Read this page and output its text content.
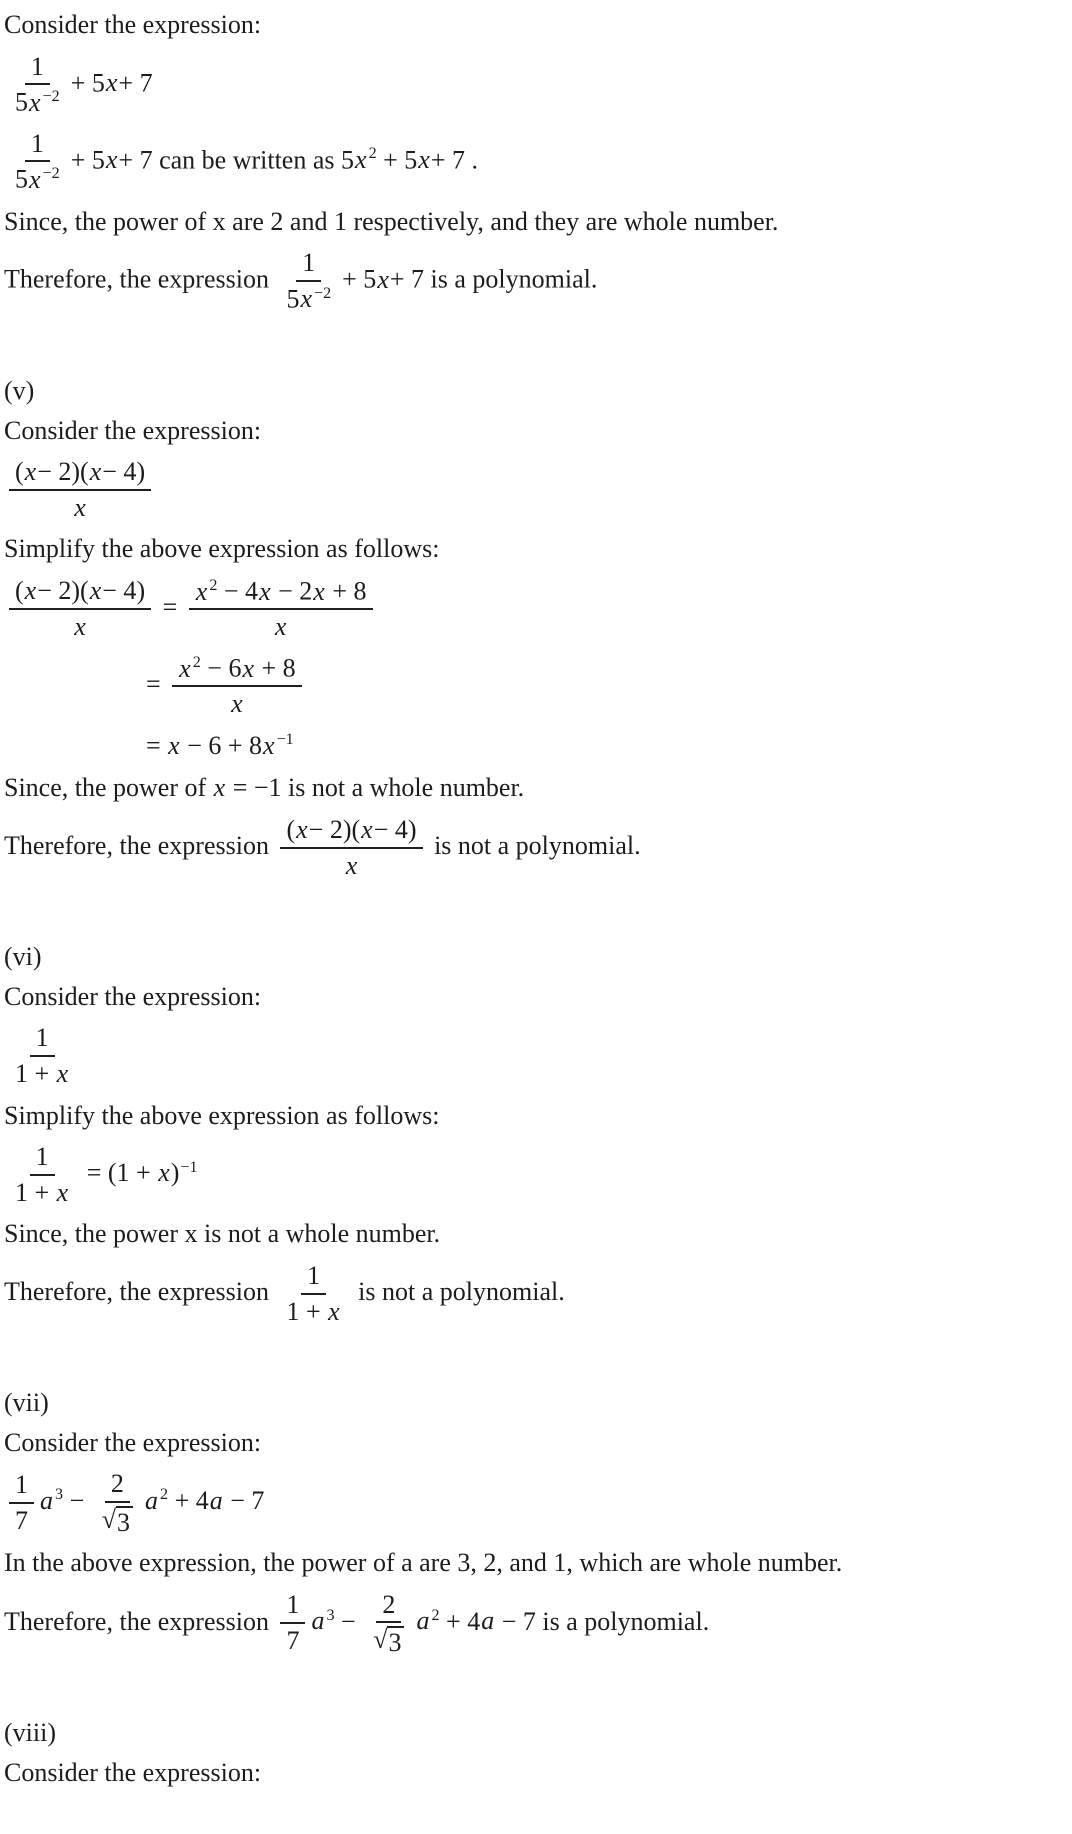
Consider the expression:
$\frac{1}{5x ^{-2}} + 5x+ 7$
$\frac{1}{5x ^{-2}} + 5x+ 7$ can be written as 5x $^2$ + 5x+ 7 .
Since, the power of x are 2 and 1 respectively, and they are whole number.
Therefore, the expression $\frac{1}{5x ^{-2}} + 5x+ 7$ is a polynomial.
(v)
Consider the expression:
$\frac{(x- 2)(x- 4)}{x}$
Simplify the above expression as follows:
$\frac{(x- 2)(x- 4)}{x} = \frac{x ^2 - 4x - 2x + 8}{x}$
= $\frac{x ^2 - 6x + 8}{x}$
= x − 6 + 8x $^{-1}$
Since, the power of x = −1 is not a whole number.
Therefore, the expression $\frac{(x- 2)(x- 4)}{x}$ is not a polynomial.
(vi)
Consider the expression:
$\frac{1}{1 + x}$
Simplify the above expression as follows:
$\frac{1}{1 + x} = (1 + x)^{-1}$
Since, the power x is not a whole number.
Therefore, the expression $\frac{1}{1 + x}$ is not a polynomial.
(vii)
Consider the expression:
$\frac{1}{7}$ a $^3 - \frac{2}{√ 3}$ a $^2$ + 4a − 7
In the above expression, the power of a are 3, 2, and 1, which are whole number.
Therefore, the expression $\frac{1}{7}$ a $^3 - \frac{2}{√ 3}$ a $^2$ + 4a − 7 is a polynomial.
(viii)
Consider the expression:
